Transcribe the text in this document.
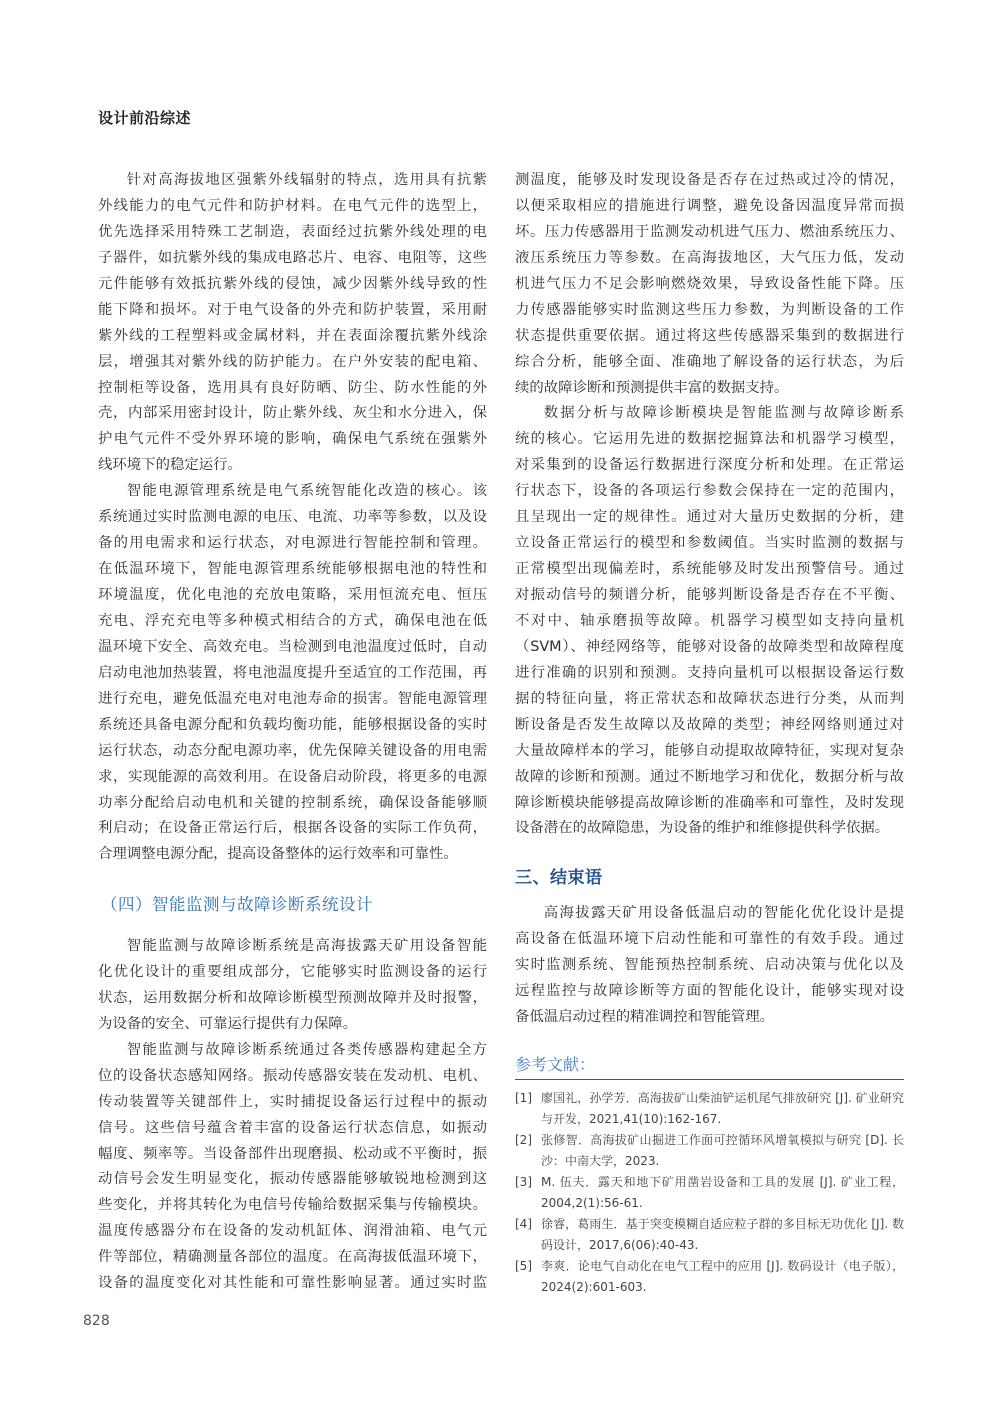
设计前沿综述
针对高海拔地区强紫外线辐射的特点，选用具有抗紫
外线能力的电气元件和防护材料。在电气元件的选型上，
优先选择采用特殊工艺制造，表面经过抗紫外线处理的电
子器件，如抗紫外线的集成电路芯片、电容、电阻等，这些
元件能够有效抵抗紫外线的侵蚀，减少因紫外线导致的性
能下降和损坏。对于电气设备的外壳和防护装置，采用耐
紫外线的工程塑料或金属材料，并在表面涂覆抗紫外线涂
层，增强其对紫外线的防护能力。在户外安装的配电箱、
控制柜等设备，选用具有良好防晒、防尘、防水性能的外
壳，内部采用密封设计，防止紫外线、灰尘和水分进入，保
护电气元件不受外界环境的影响，确保电气系统在强紫外
线环境下的稳定运行。
智能电源管理系统是电气系统智能化改造的核心。该
系统通过实时监测电源的电压、电流、功率等参数，以及设
备的用电需求和运行状态，对电源进行智能控制和管理。
在低温环境下，智能电源管理系统能够根据电池的特性和
环境温度，优化电池的充放电策略，采用恒流充电、恒压
充电、浮充充电等多种模式相结合的方式，确保电池在低
温环境下安全、高效充电。当检测到电池温度过低时，自动
启动电池加热装置，将电池温度提升至适宜的工作范围，再
进行充电，避免低温充电对电池寿命的损害。智能电源管理
系统还具备电源分配和负载均衡功能，能够根据设备的实时
运行状态，动态分配电源功率，优先保障关键设备的用电需
求，实现能源的高效利用。在设备启动阶段，将更多的电源
功率分配给启动电机和关键的控制系统，确保设备能够顺
利启动；在设备正常运行后，根据各设备的实际工作负荷，
合理调整电源分配，提高设备整体的运行效率和可靠性。
（四）智能监测与故障诊断系统设计
智能监测与故障诊断系统是高海拔露天矿用设备智能
化优化设计的重要组成部分，它能够实时监测设备的运行
状态，运用数据分析和故障诊断模型预测故障并及时报警，
为设备的安全、可靠运行提供有力保障。
智能监测与故障诊断系统通过各类传感器构建起全方
位的设备状态感知网络。振动传感器安装在发动机、电机、
传动装置等关键部件上，实时捕捉设备运行过程中的振动
信号。这些信号蕴含着丰富的设备运行状态信息，如振动
幅度、频率等。当设备部件出现磨损、松动或不平衡时，振
动信号会发生明显变化，振动传感器能够敏锐地检测到这
些变化，并将其转化为电信号传输给数据采集与传输模块。
温度传感器分布在设备的发动机缸体、润滑油箱、电气元
件等部位，精确测量各部位的温度。在高海拔低温环境下，
设备的温度变化对其性能和可靠性影响显著。通过实时监
测温度，能够及时发现设备是否存在过热或过冷的情况，
以便采取相应的措施进行调整，避免设备因温度异常而损
坏。压力传感器用于监测发动机进气压力、燃油系统压力、
液压系统压力等参数。在高海拔地区，大气压力低，发动
机进气压力不足会影响燃烧效果，导致设备性能下降。压
力传感器能够实时监测这些压力参数，为判断设备的工作
状态提供重要依据。通过将这些传感器采集到的数据进行
综合分析，能够全面、准确地了解设备的运行状态，为后
续的故障诊断和预测提供丰富的数据支持。
数据分析与故障诊断模块是智能监测与故障诊断系
统的核心。它运用先进的数据挖掘算法和机器学习模型，
对采集到的设备运行数据进行深度分析和处理。在正常运
行状态下，设备的各项运行参数会保持在一定的范围内，
且呈现出一定的规律性。通过对大量历史数据的分析，建
立设备正常运行的模型和参数阈值。当实时监测的数据与
正常模型出现偏差时，系统能够及时发出预警信号。通过
对振动信号的频谱分析，能够判断设备是否存在不平衡、
不对中、轴承磨损等故障。机器学习模型如支持向量机
（SVM）、神经网络等，能够对设备的故障类型和故障程度
进行准确的识别和预测。支持向量机可以根据设备运行数
据的特征向量，将正常状态和故障状态进行分类，从而判
断设备是否发生故障以及故障的类型；神经网络则通过对
大量故障样本的学习，能够自动提取故障特征，实现对复杂
故障的诊断和预测。通过不断地学习和优化，数据分析与故
障诊断模块能够提高故障诊断的准确率和可靠性，及时发现
设备潜在的故障隐患，为设备的维护和维修提供科学依据。
三、结束语
高海拔露天矿用设备低温启动的智能化优化设计是提
高设备在低温环境下启动性能和可靠性的有效手段。通过
实时监测系统、智能预热控制系统、启动决策与优化以及
远程监控与故障诊断等方面的智能化设计，能够实现对设
备低温启动过程的精准调控和智能管理。
参考文献：
[1] 廖国礼，孙学芳．高海拔矿山柴油铲运机尾气排放研究 [J]. 矿业研究与开发，2021,41(10):162-167.
[2] 张修智．高海拔矿山掘进工作面可控循环风增氧模拟与研究 [D]. 长沙：中南大学，2023.
[3] M. 伍夫．露天和地下矿用凿岩设备和工具的发展 [J]. 矿业工程，2004,2(1):56-61.
[4] 徐睿，葛雨生．基于突变模糊自适应粒子群的多目标无功优化 [J]. 数码设计，2017,6(06):40-43.
[5] 李爽．论电气自动化在电气工程中的应用 [J]. 数码设计（电子版），2024(2):601-603.
828
